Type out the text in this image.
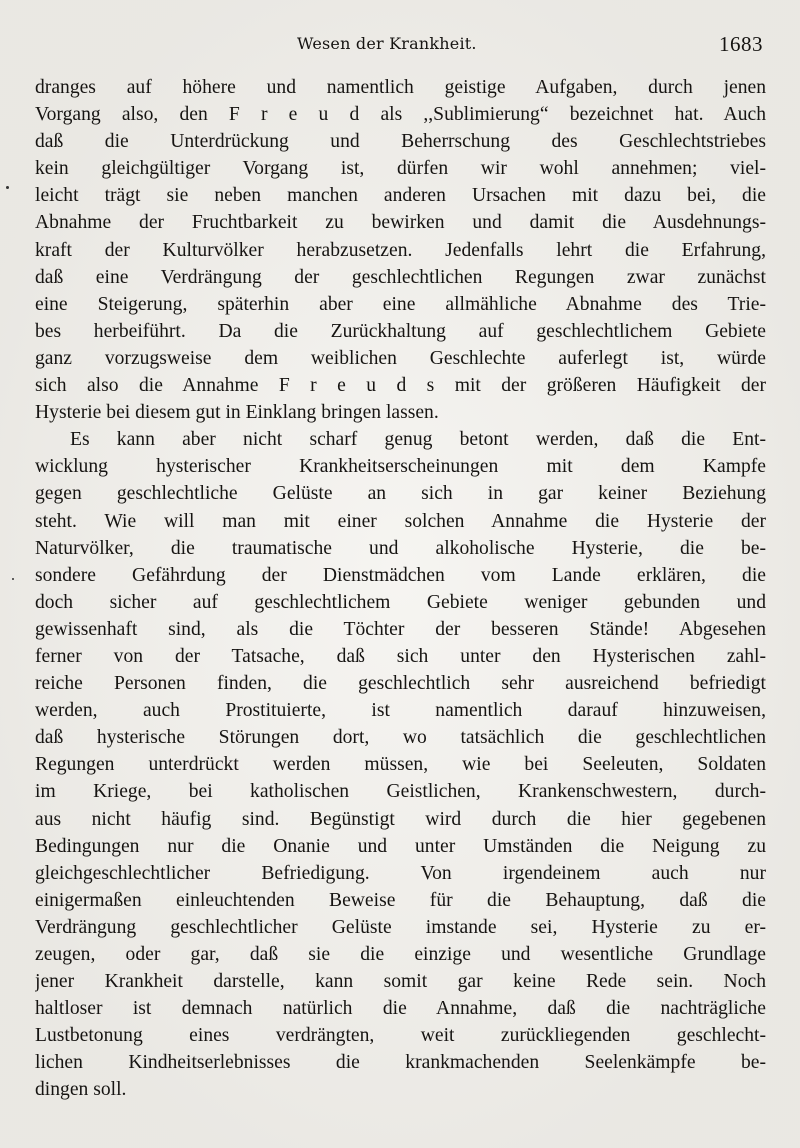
Wesen der Krankheit.	1683
dranges auf höhere und namentlich geistige Aufgaben, durch jenen
Vorgang also, den F r e u d als ,,Sublimierung“ bezeichnet hat. Auch
daß die Unterdrückung und Beherrschung des Geschlechtstriebes
kein gleichgültiger Vorgang ist, dürfen wir wohl annehmen; viel-
leicht trägt sie neben manchen anderen Ursachen mit dazu bei, die
Abnahme der Fruchtbarkeit zu bewirken und damit die Ausdehnungs-
kraft der Kulturvölker herabzusetzen. Jedenfalls lehrt die Erfahrung,
daß eine Verdrängung der geschlechtlichen Regungen zwar zunächst
eine Steigerung, späterhin aber eine allmähliche Abnahme des Trie-
bes herbeiführt. Da die Zurückhaltung auf geschlechtlichem Gebiete
ganz vorzugsweise dem weiblichen Geschlechte auferlegt ist, würde
sich also die Annahme F r e u d s mit der größeren Häufigkeit der
Hysterie bei diesem gut in Einklang bringen lassen.
Es kann aber nicht scharf genug betont werden, daß die Ent-
wicklung hysterischer Krankheitserscheinungen mit dem Kampfe
gegen geschlechtliche Gelüste an sich in gar keiner Beziehung
steht. Wie will man mit einer solchen Annahme die Hysterie der
Naturvölker, die traumatische und alkoholische Hysterie, die be-
sondere Gefährdung der Dienstmädchen vom Lande erklären, die
doch sicher auf geschlechtlichem Gebiete weniger gebunden und
gewissenhaft sind, als die Töchter der besseren Stände! Abgesehen
ferner von der Tatsache, daß sich unter den Hysterischen zahl-
reiche Personen finden, die geschlechtlich sehr ausreichend befriedigt
werden, auch Prostituierte, ist namentlich darauf hinzuweisen,
daß hysterische Störungen dort, wo tatsächlich die geschlechtlichen
Regungen unterdrückt werden müssen, wie bei Seeleuten, Soldaten
im Kriege, bei katholischen Geistlichen, Krankenschwestern, durch-
aus nicht häufig sind. Begünstigt wird durch die hier gegebenen
Bedingungen nur die Onanie und unter Umständen die Neigung zu
gleichgeschlechtlicher Befriedigung. Von irgendeinem auch nur
einigermaßen einleuchtenden Beweise für die Behauptung, daß die
Verdrängung geschlechtlicher Gelüste imstande sei, Hysterie zu er-
zeugen, oder gar, daß sie die einzige und wesentliche Grundlage
jener Krankheit darstelle, kann somit gar keine Rede sein. Noch
haltloser ist demnach natürlich die Annahme, daß die nachträgliche
Lustbetonung eines verdrängten, weit zurückliegenden geschlecht-
lichen Kindheitserlebnisses die krankmachenden Seelenkämpfe be-
dingen soll.
